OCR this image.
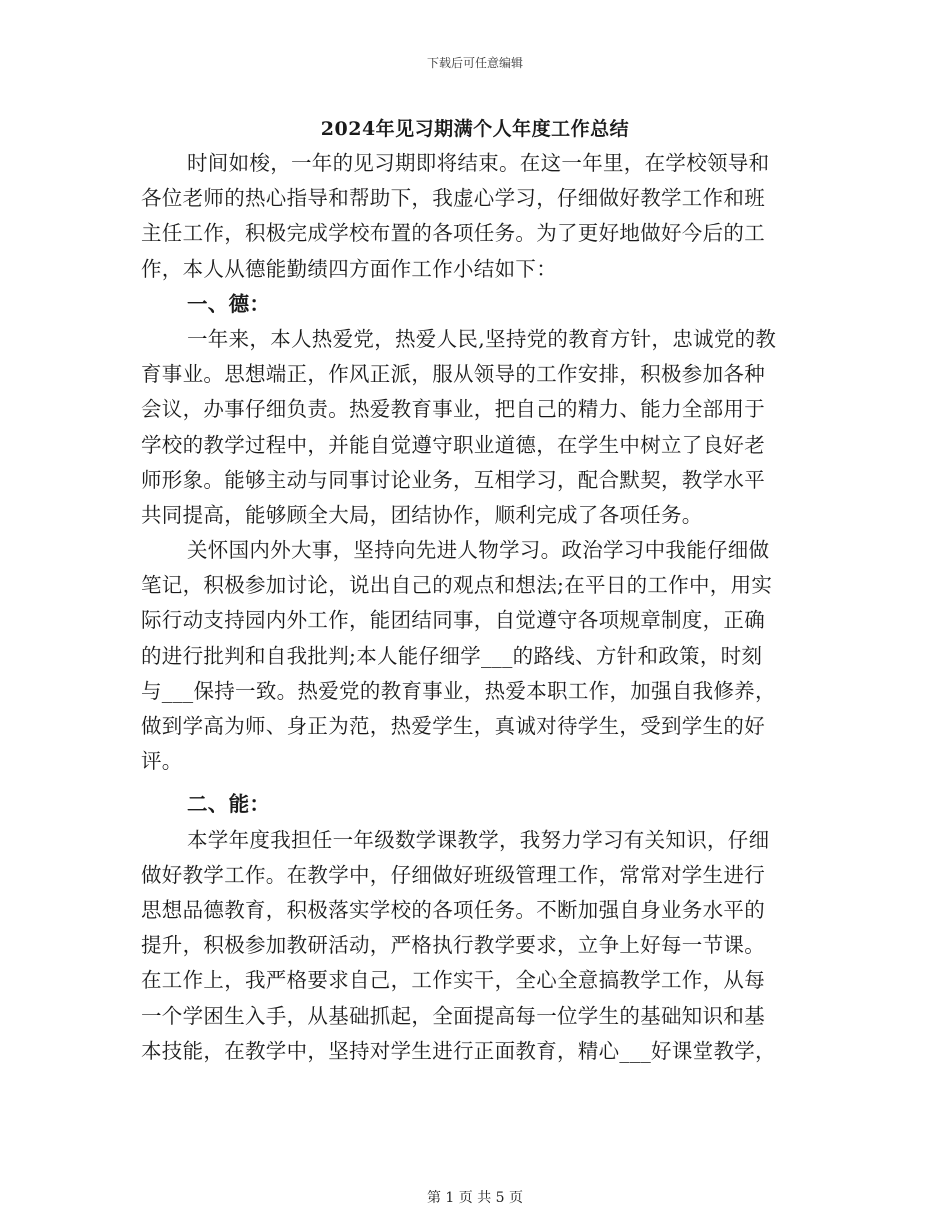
下载后可任意编辑
2024年见习期满个人年度工作总结
时间如梭，一年的见习期即将结束。在这一年里，在学校领导和
各位老师的热心指导和帮助下，我虚心学习，仔细做好教学工作和班
主任工作，积极完成学校布置的各项任务。为了更好地做好今后的工
作，本人从德能勤绩四方面作工作小结如下：
一、德：
一年来，本人热爱党，热爱人民,坚持党的教育方针，忠诚党的教
育事业。思想端正，作风正派，服从领导的工作安排，积极参加各种
会议，办事仔细负责。热爱教育事业，把自己的精力、能力全部用于
学校的教学过程中，并能自觉遵守职业道德，在学生中树立了良好老
师形象。能够主动与同事讨论业务，互相学习，配合默契，教学水平
共同提高，能够顾全大局，团结协作，顺利完成了各项任务。
关怀国内外大事，坚持向先进人物学习。政治学习中我能仔细做
笔记，积极参加讨论，说出自己的观点和想法;在平日的工作中，用实
际行动支持园内外工作，能团结同事，自觉遵守各项规章制度，正确
的进行批判和自我批判;本人能仔细学___的路线、方针和政策，时刻
与___保持一致。热爱党的教育事业，热爱本职工作，加强自我修养，
做到学高为师、身正为范，热爱学生，真诚对待学生，受到学生的好
评。
二、能：
本学年度我担任一年级数学课教学，我努力学习有关知识，仔细
做好教学工作。在教学中，仔细做好班级管理工作，常常对学生进行
思想品德教育，积极落实学校的各项任务。不断加强自身业务水平的
提升，积极参加教研活动，严格执行教学要求，立争上好每一节课。
在工作上，我严格要求自己，工作实干，全心全意搞教学工作，从每
一个学困生入手，从基础抓起，全面提高每一位学生的基础知识和基
本技能，在教学中，坚持对学生进行正面教育，精心___好课堂教学，
第 1 页 共 5 页
